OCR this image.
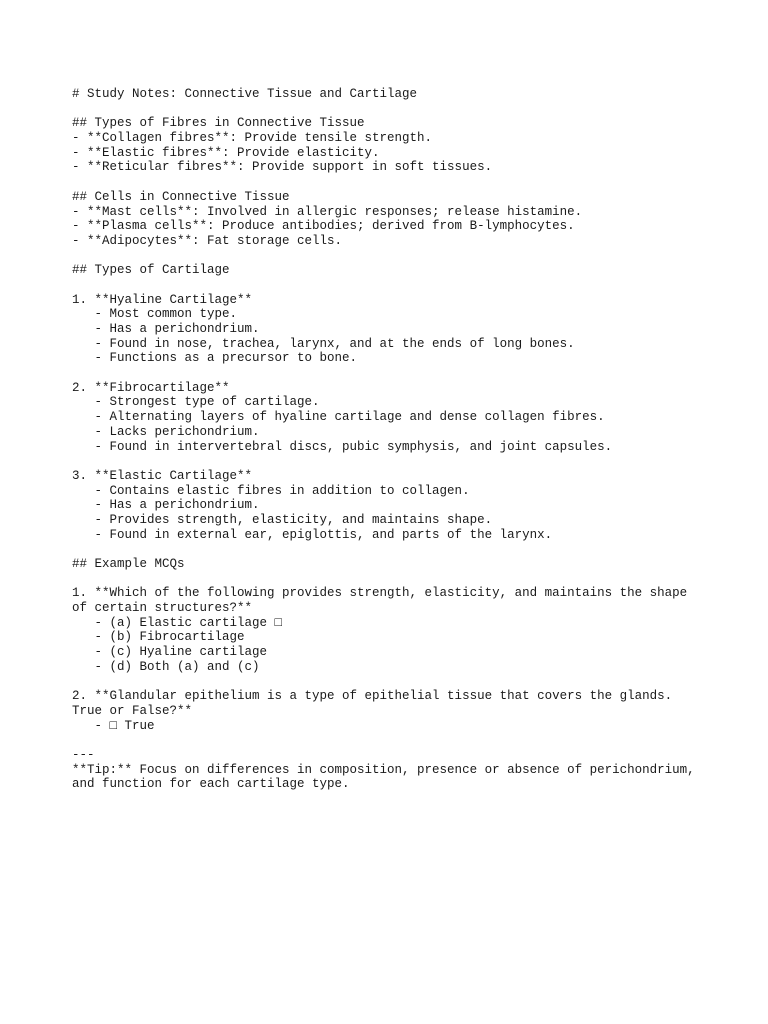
# Study Notes: Connective Tissue and Cartilage
## Types of Fibres in Connective Tissue
- **Collagen fibres**: Provide tensile strength.
- **Elastic fibres**: Provide elasticity.
- **Reticular fibres**: Provide support in soft tissues.
## Cells in Connective Tissue
- **Mast cells**: Involved in allergic responses; release histamine.
- **Plasma cells**: Produce antibodies; derived from B-lymphocytes.
- **Adipocytes**: Fat storage cells.
## Types of Cartilage
1. **Hyaline Cartilage**
- Most common type.
- Has a perichondrium.
- Found in nose, trachea, larynx, and at the ends of long bones.
- Functions as a precursor to bone.
2. **Fibrocartilage**
- Strongest type of cartilage.
- Alternating layers of hyaline cartilage and dense collagen fibres.
- Lacks perichondrium.
- Found in intervertebral discs, pubic symphysis, and joint capsules.
3. **Elastic Cartilage**
- Contains elastic fibres in addition to collagen.
- Has a perichondrium.
- Provides strength, elasticity, and maintains shape.
- Found in external ear, epiglottis, and parts of the larynx.
## Example MCQs
1. **Which of the following provides strength, elasticity, and maintains the shape
of certain structures?**
- (a) Elastic cartilage □
- (b) Fibrocartilage
- (c) Hyaline cartilage
- (d) Both (a) and (c)
2. **Glandular epithelium is a type of epithelial tissue that covers the glands.
True or False?**
- □ True
---
**Tip:** Focus on differences in composition, presence or absence of perichondrium,
and function for each cartilage type.
